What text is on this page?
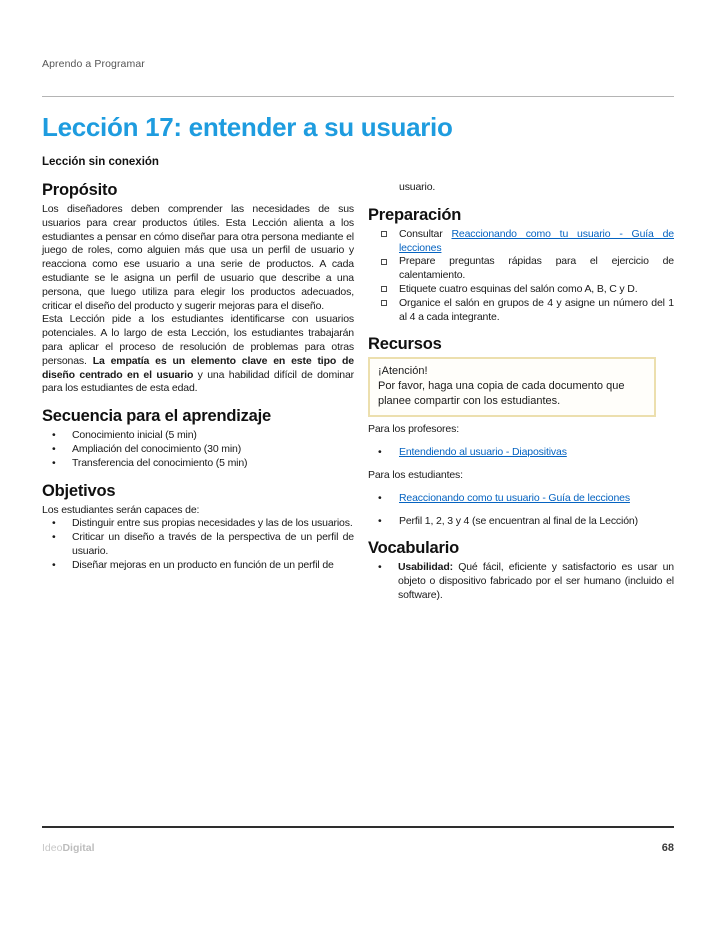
Aprendo a Programar
Lección 17: entender a su usuario
Lección sin conexión
Propósito

Los diseñadores deben comprender las necesidades de sus usuarios para crear productos útiles. Esta Lección alienta a los estudiantes a pensar en cómo diseñar para otra persona mediante el juego de roles, como alguien más que usa un perfil de usuario y reacciona como ese usuario a una serie de productos. A cada estudiante se le asigna un perfil de usuario que describe a una persona, que luego utiliza para elegir los productos adecuados, criticar el diseño del producto y sugerir mejoras para el diseño.

Esta Lección pide a los estudiantes identificarse con usuarios potenciales. A lo largo de esta Lección, los estudiantes trabajarán para aplicar el proceso de resolución de problemas para otras personas. La empatía es un elemento clave en este tipo de diseño centrado en el usuario y una habilidad difícil de dominar para los estudiantes de esta edad.

Secuencia para el aprendizaje
• Conocimiento inicial (5 min)
• Ampliación del conocimiento (30 min)
• Transferencia del conocimiento (5 min)
Objetivos

Los estudiantes serán capaces de:

• Distinguir entre sus propias necesidades y las de los usuarios.
• Criticar un diseño a través de la perspectiva de un perfil de usuario.
• Diseñar mejoras en un producto en función de un perfil de
usuario.
Preparación
Consultar Reaccionando como tu usuario - Guía de lecciones
Prepare preguntas rápidas para el ejercicio de calentamiento.
Etiquete cuatro esquinas del salón como A, B, C y D.
Organice el salón en grupos de 4 y asigne un número del 1 al 4 a cada integrante.
Recursos
¡Atención!
Por favor, haga una copia de cada documento que planee compartir con los estudiantes.

Para los profesores:

• Entendiendo al usuario - Diapositivas

Para los estudiantes:

• Reaccionando como tu usuario - Guía de lecciones
• Perfil 1, 2, 3 y 4 (se encuentran al final de la Lección)
Vocabulario
• Usabilidad: Qué fácil, eficiente y satisfactorio es usar un objeto o dispositivo fabricado por el ser humano (incluido el software).
IdeoDigital	68
